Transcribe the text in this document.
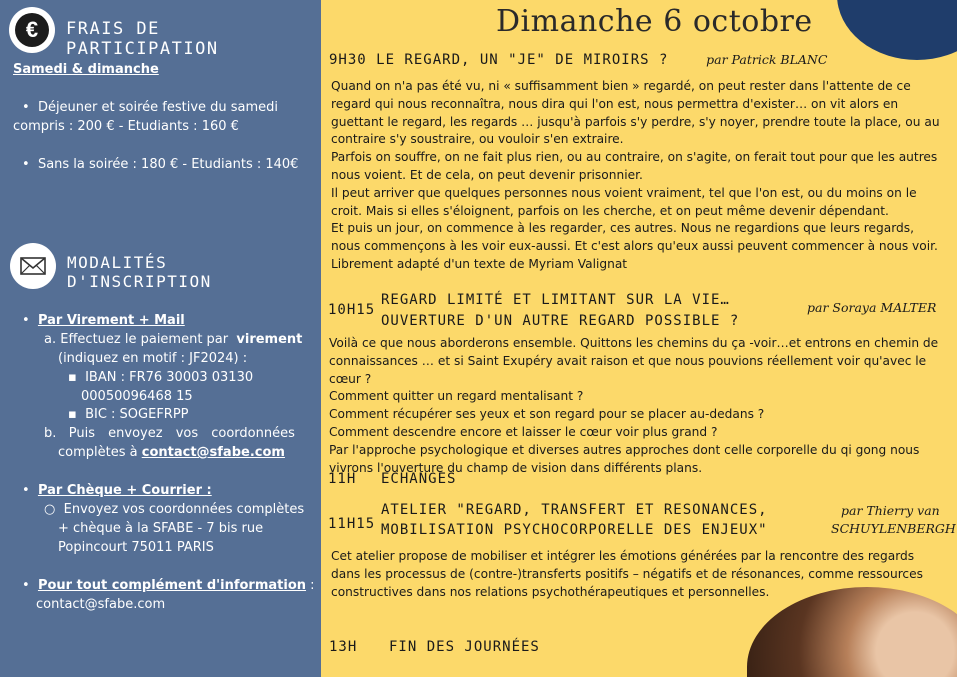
€	FRAIS DE PARTICIPATION
Samedi & dimanche
•  Déjeuner et soirée festive du samedi
compris : 200 € - Etudiants : 160 €
•  Sans la soirée : 180 € - Etudiants : 140€
MODALITÉS D'INSCRIPTION
•  Par Virement + Mail
a. Effectuez le paiement par virement
(indiquez en motif : JF2024) :
▪  IBAN : FR76 30003 03130
00050096468 15
▪  BIC : SOGEFRPP
b. Puis envoyez vos coordonnées
complètes à contact@sfabe.com
•  Par Chèque + Courrier :
○  Envoyez vos coordonnées complètes
+ chèque à la SFABE - 7 bis rue
Popincourt 75011 PARIS
•  Pour tout complément d'information :
contact@sfabe.com
Dimanche 6 octobre
9H30 LE REGARD, UN "JE" DE MIROIRS ?	par Patrick BLANC

Quand on n'a pas été vu, ni « suffisamment bien » regardé, on peut rester dans l'attente de ce regard qui nous reconnaîtra, nous dira qui l'on est, nous permettra d'exister… on vit alors en guettant le regard, les regards … jusqu'à parfois s'y perdre, s'y noyer, prendre toute la place, ou au contraire s'y soustraire, ou vouloir s'en extraire.

Parfois on souffre, on ne fait plus rien, ou au contraire, on s'agite, on ferait tout pour que les autres nous voient. Et de cela, on peut devenir prisonnier.

Il peut arriver que quelques personnes nous voient vraiment, tel que l'on est, ou du moins on le croit. Mais si elles s'éloignent, parfois on les cherche, et on peut même devenir dépendant.

Et puis un jour, on commence à les regarder, ces autres. Nous ne regardions que leurs regards, nous commençons à les voir eux-aussi. Et c'est alors qu'eux aussi peuvent commencer à nous voir.

Librement adapté d'un texte de Myriam Valignat

10H15
REGARD LIMITÉ ET LIMITANT SUR LA VIE…
OUVERTURE D'UN AUTRE REGARD POSSIBLE ?
par Soraya MALTER

Voilà ce que nous aborderons ensemble. Quittons les chemins du ça -voir…et entrons en chemin de connaissances … et si Saint Exupéry avait raison et que nous pouvions réellement voir qu'avec le cœur ?

Comment quitter un regard mentalisant ?

Comment récupérer ses yeux et son regard pour se placer au-dedans ?

Comment descendre encore et laisser le cœur voir plus grand ?

Par l'approche psychologique et diverses autres approches dont celle corporelle du qi gong nous vivrons l'ouverture du champ de vision dans différents plans.

11H ECHANGES
11H15
ATELIER "REGARD, TRANSFERT ET RESONANCES,
MOBILISATION PSYCHOCORPORELLE DES ENJEUX"
par Thierry van
SCHUYLENBERGH

Cet atelier propose de mobiliser et intégrer les émotions générées par la rencontre des regards dans les processus de (contre-)transferts positifs – négatifs et de résonances, comme ressources constructives dans nos relations psychothérapeutiques et personnelles.

13H FIN DES JOURNÉES
